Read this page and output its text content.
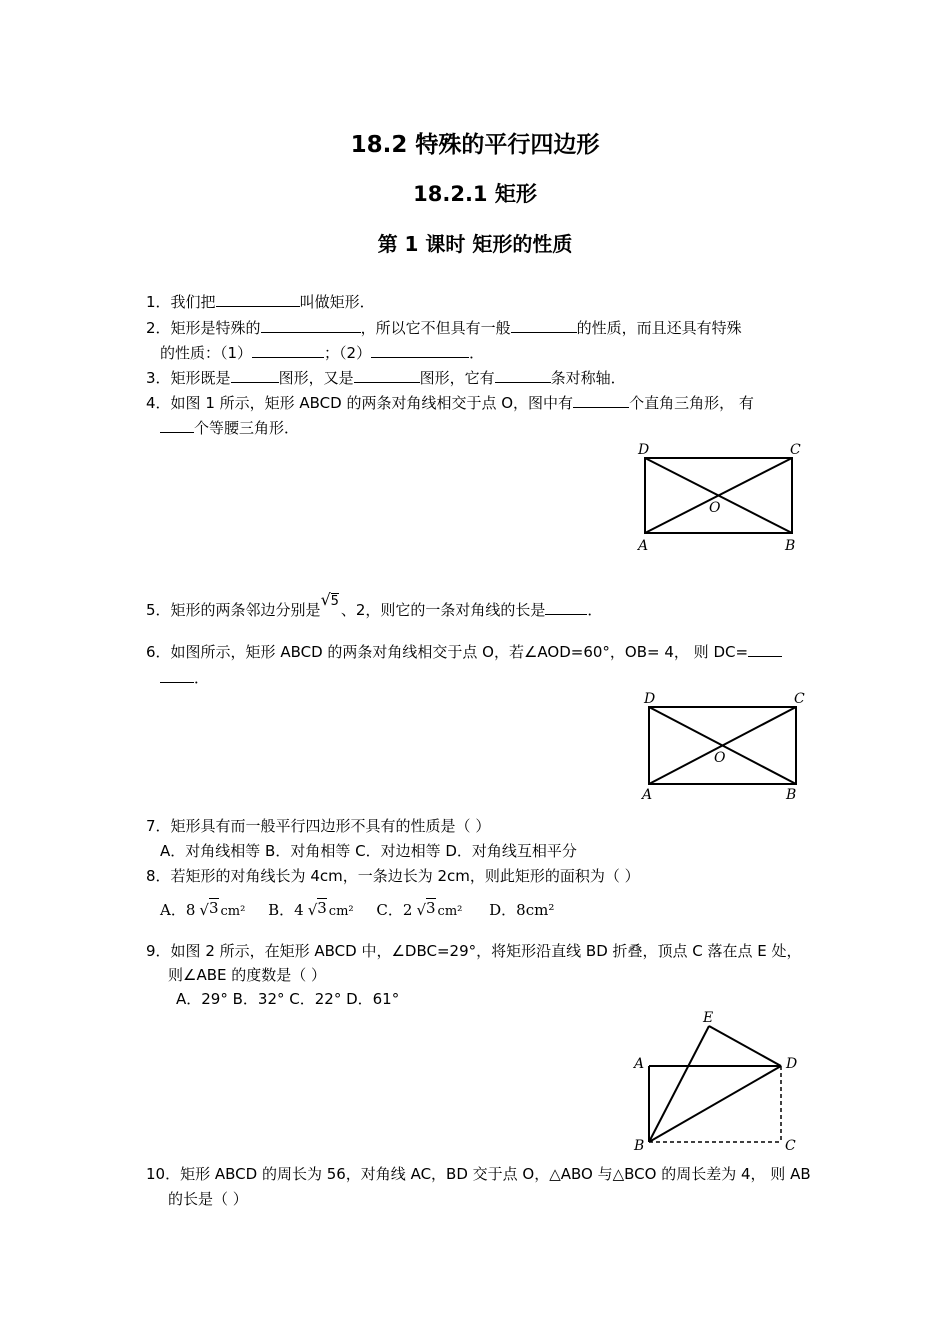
18.2 特殊的平行四边形
18.2.1 矩形
第 1 课时 矩形的性质
1．我们把	叫做矩形．
2．矩形是特殊的	，所以它不但具有一般	的性质，而且还具有特殊
的性质：（1）	；（2）	．
3．矩形既是	图形，又是	图形，它有	条对称轴．
4．如图 1 所示，矩形 ABCD 的两条对角线相交于点 O，图中有	个直角三角形， 有
个等腰三角形．
D	C
O
A	B
5．矩形的两条邻边分别是
√ 5 、2，则它的一条对角线的长是	．
6．如图所示，矩形 ABCD 的两条对角线相交于点 O，若∠AOD=60°，OB= 4， 则 DC=
．
D	C
O
A	B
7．矩形具有而一般平行四边形不具有的性质是（ ）
A．对角线相等 B．对角相等 C．对边相等 D．对角线互相平分
8．若矩形的对角线长为 4cm，一条边长为 2cm，则此矩形的面积为（ ）
A．8 √3 cm² B．4 √3 cm² C．2 √3 cm² D．8cm²
9．如图 2 所示，在矩形 ABCD 中，∠DBC=29°，将矩形沿直线 BD 折叠，顶点 C 落在点 E 处，
则∠ABE 的度数是（ ）
A．29° B．32° C．22° D．61°
E
A	D
B	C
10．矩形 ABCD 的周长为 56，对角线 AC，BD 交于点 O，△ABO 与△BCO 的周长差为 4， 则 AB
的长是（ ）
